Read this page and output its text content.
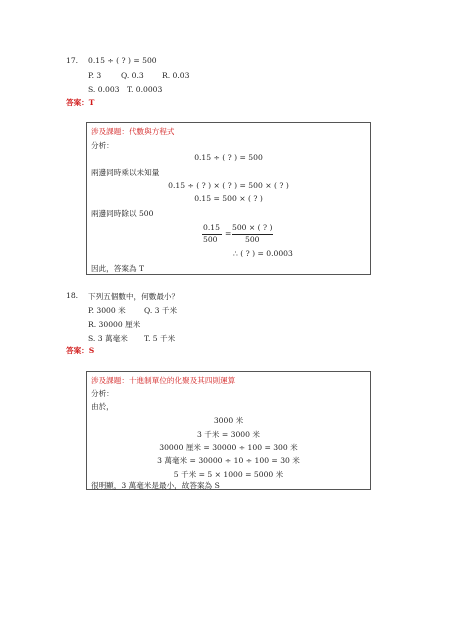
17. 0.15 ÷ ( ? ) = 500
P. 3	Q. 0.3 R. 0.03
S. 0.003 T. 0.0003
答案：T
涉及課題：代數與方程式
分析：
0.15 ÷ ( ? ) = 500
兩邊同時乘以未知量
0.15 ÷ ( ? ) × ( ? ) = 500 × ( ? )
0.15 = 500 × ( ? )
兩邊同時除以 500
0.15
500
=
500 × ( ? )
500
∴ ( ? ) = 0.0003
因此，答案為 T
18. 下列五個數中，何數最小？
P. 3000 米 Q. 3 千米
R. 30000 厘米
S. 3 萬毫米 T. 5 千米
答案：S
涉及課題：十進制單位的化聚及其四則運算
分析：
由於，
3000 米
3 千米 = 3000 米
30000 厘米 = 30000 ÷ 100 = 300 米
3 萬毫米 = 30000 ÷ 10 ÷ 100 = 30 米
5 千米 = 5 × 1000 = 5000 米
很明顯，3 萬毫米是最小，故答案為 S
